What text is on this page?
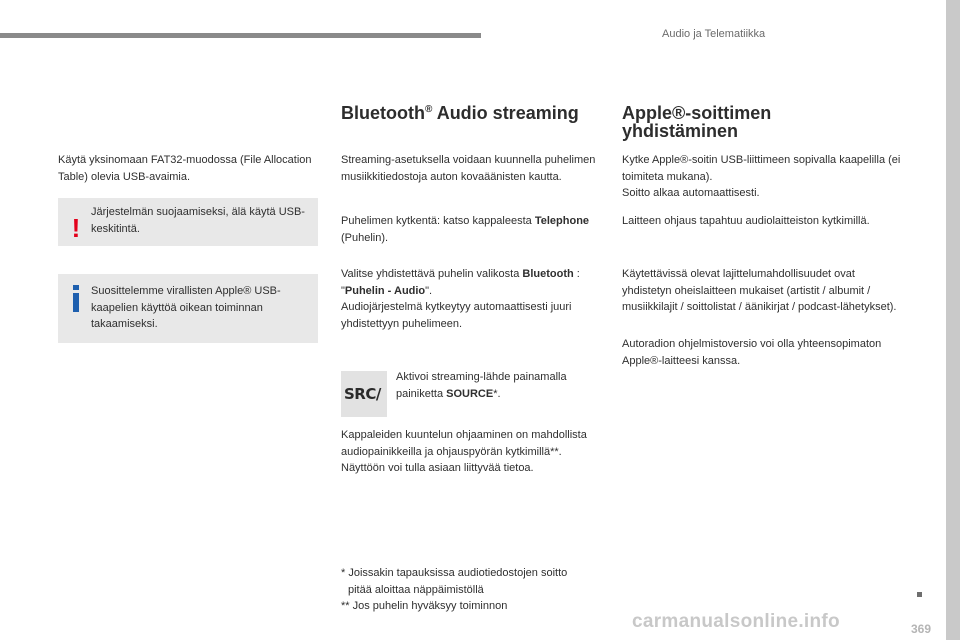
Audio ja Telematiikka

Käytä yksinomaan FAT32-muodossa (File Allocation Table) olevia USB-avaimia.

!
Järjestelmän suojaamiseksi, älä käytä USB-keskitintä.
Suosittelemme virallisten Apple® USB-kaapelien käyttöä oikean toiminnan takaamiseksi.
Bluetooth® Audio streaming

Streaming-asetuksella voidaan kuunnella puhelimen musiikkitiedostoja auton kovaäänisten kautta.

Puhelimen kytkentä: katso kappaleesta Telephone (Puhelin).

Valitse yhdistettävä puhelin valikosta Bluetooth : "Puhelin - Audio".
Audiojärjestelmä kytkeytyy automaattisesti juuri yhdistettyyn puhelimeen.

SRC/

Aktivoi streaming-lähde painamalla painiketta SOURCE*.

Kappaleiden kuuntelun ohjaaminen on mahdollista audiopainikkeilla ja ohjauspyörän kytkimillä**. Näyttöön voi tulla asiaan liittyvää tietoa.

* Joissakin tapauksissa audiotiedostojen soitto
pitää aloittaa näppäimistöllä

** Jos puhelin hyväksyy toiminnon

Apple®-soittimen
yhdistäminen

Kytke Apple®-soitin USB-liittimeen sopivalla kaapelilla (ei toimiteta mukana).
Soitto alkaa automaattisesti.

Laitteen ohjaus tapahtuu audiolaitteiston kytkimillä.

Käytettävissä olevat lajittelumahdollisuudet ovat yhdistetyn oheislaitteen mukaiset (artistit / albumit / musiikkilajit / soittolistat / äänikirjat / podcast-lähetykset).

Autoradion ohjelmistoversio voi olla yhteensopimaton Apple®-laitteesi kanssa.

carmanualsonline.info	369
